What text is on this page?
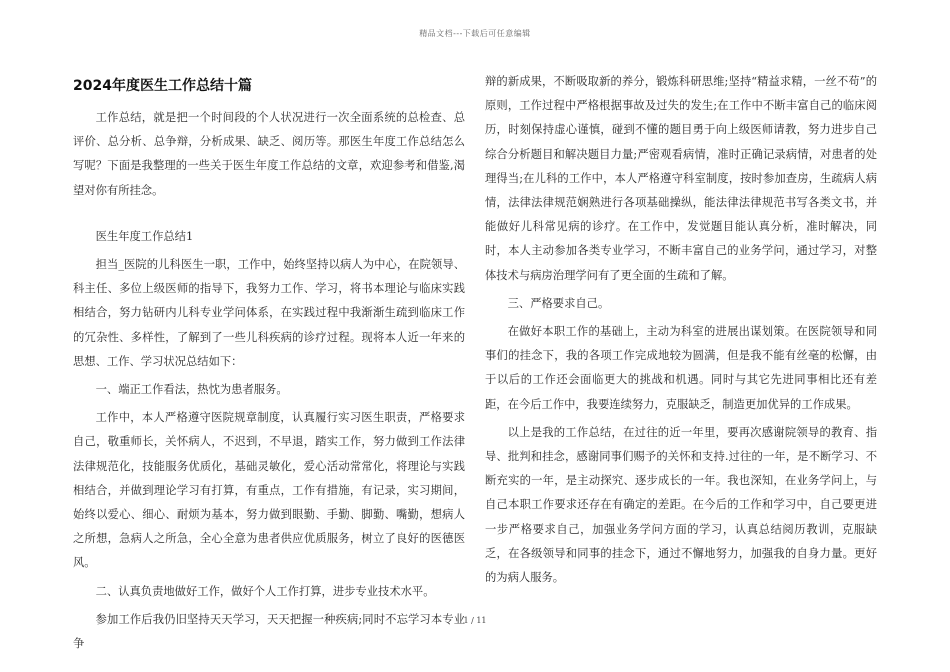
精品文档---下载后可任意编辑
2024年度医生工作总结十篇

工作总结，就是把一个时间段的个人状况进行一次全面系统的总检查、总评价、总分析、总争辩，分析成果、缺乏、阅历等。那医生年度工作总结怎么写呢？下面是我整理的一些关于医生年度工作总结的文章，欢迎参考和借鉴,渴望对你有所挂念。

医生年度工作总结1

担当_医院的儿科医生一职，工作中，始终坚持以病人为中心，在院领导、科主任、多位上级医师的指导下，我努力工作、学习，将书本理论与临床实践相结合，努力钻研内儿科专业学问体系，在实践过程中我渐渐生疏到临床工作的冗杂性、多样性，了解到了一些儿科疾病的诊疗过程。现将本人近一年来的思想、工作、学习状况总结如下：

一、端正工作看法，热忱为患者服务。

工作中，本人严格遵守医院规章制度，认真履行实习医生职责，严格要求自己，敬重师长，关怀病人，不迟到，不早退，踏实工作，努力做到工作法律法律规范化，技能服务优质化，基础灵敏化，爱心活动常常化，将理论与实践相结合，并做到理论学习有打算，有重点，工作有措施，有记录，实习期间，始终以爱心、细心、耐烦为基本，努力做到眼勤、手勤、脚勤、嘴勤，想病人之所想，急病人之所急，全心全意为患者供应优质服务，树立了良好的医德医风。

二、认真负责地做好工作，做好个人工作打算，进步专业技术水平。

参加工作后我仍旧坚持天天学习，天天把握一种疾病;同时不忘学习本专业争

辩的新成果，不断吸取新的养分，锻炼科研思维;坚持“精益求精，一丝不苟”的原则，工作过程中严格根据事故及过失的发生;在工作中不断丰富自己的临床阅历，时刻保持虚心谨慎，碰到不懂的题目勇于向上级医师请教，努力进步自己综合分析题目和解决题目力量;严密观看病情，准时正确记录病情，对患者的处理得当;在儿科的工作中，本人严格遵守科室制度，按时参加查房，生疏病人病情，法律法律规范娴熟进行各项基础操纵，能法律法律规范书写各类文书，并能做好儿科常见病的诊疗。在工作中，发觉题目能认真分析，准时解决，同时，本人主动参加各类专业学习，不断丰富自己的业务学问，通过学习，对整体技术与病房治理学问有了更全面的生疏和了解。

三、严格要求自己。

在做好本职工作的基础上，主动为科室的进展出谋划策。在医院领导和同事们的挂念下，我的各项工作完成地较为圆满，但是我不能有丝毫的松懈，由于以后的工作还会面临更大的挑战和机遇。同时与其它先进同事相比还有差距，在今后工作中，我要连续努力，克服缺乏，制造更加优异的工作成果。

以上是我的工作总结，在过往的近一年里，要再次感谢院领导的教育、指导、批判和挂念，感谢同事们赐予的关怀和支持.过往的一年，是不断学习、不断充实的一年，是主动探究、逐步成长的一年。我也深知，在业务学问上，与自己本职工作要求还存在有确定的差距。在今后的工作和学习中，自己要更进一步严格要求自己，加强业务学问方面的学习，认真总结阅历教训，克服缺乏，在各级领导和同事的挂念下，通过不懈地努力，加强我的自身力量。更好的为病人服务。

1 / 11
